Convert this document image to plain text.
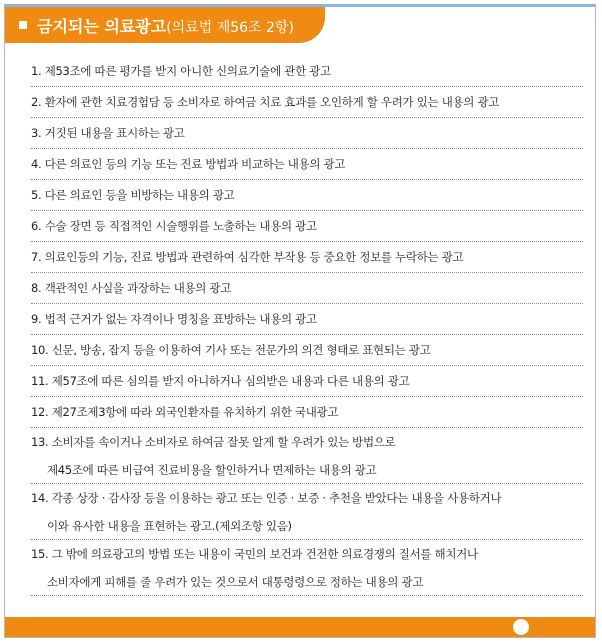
금지되는 의료광고(의료법 제56조 2항)
1. 제53조에 따른 평가를 받지 아니한 신의료기술에 관한 광고
2. 환자에 관한 치료경험담 등 소비자로 하여금 치료 효과를 오인하게 할 우려가 있는 내용의 광고
3. 거짓된 내용을 표시하는 광고
4. 다른 의료인 등의 기능 또는 진료 방법과 비교하는 내용의 광고
5. 다른 의료인 등을 비방하는 내용의 광고
6. 수술 장면 등 직접적인 시술행위를 노출하는 내용의 광고
7. 의료인등의 기능, 진료 방법과 관련하여 심각한 부작용 등 중요한 정보를 누락하는 광고
8. 객관적인 사실을 과장하는 내용의 광고
9. 법적 근거가 없는 자격이나 명칭을 표방하는 내용의 광고
10. 신문, 방송, 잡지 등을 이용하여 기사 또는 전문가의 의견 형태로 표현되는 광고
11. 제57조에 따른 심의를 받지 아니하거나 심의받은 내용과 다른 내용의 광고
12. 제27조제3항에 따라 외국인환자를 유치하기 위한 국내광고
13. 소비자를 속이거나 소비자로 하여금 잘못 알게 할 우려가 있는 방법으로
제45조에 따른 비급여 진료비용을 할인하거나 면제하는 내용의 광고
14. 각종 상장 · 감사장 등을 이용하는 광고 또는 인증 · 보증 · 추천을 받았다는 내용을 사용하거나
이와 유사한 내용을 표현하는 광고.(제외조항 있음)
15. 그 밖에 의료광고의 방법 또는 내용이 국민의 보건과 건전한 의료경쟁의 질서를 해치거나
소비자에게 피해를 줄 우려가 있는 것으로서 대통령령으로 정하는 내용의 광고
